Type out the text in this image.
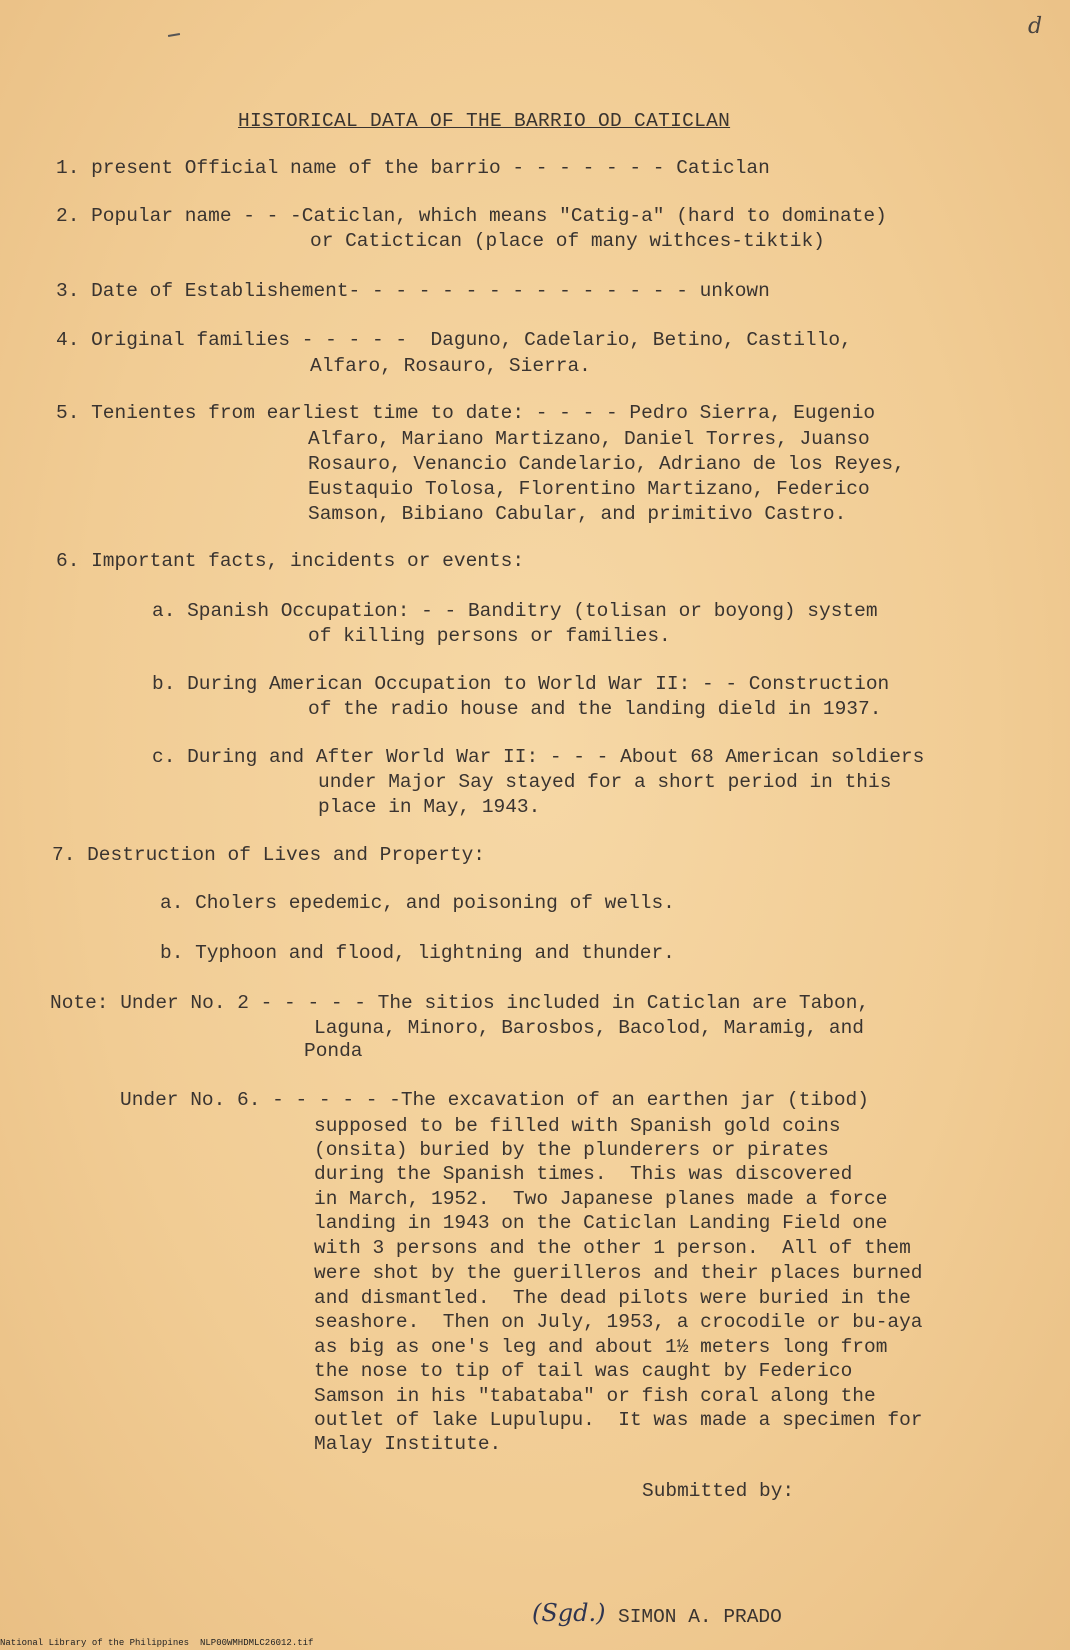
d
HISTORICAL DATA OF THE BARRIO OD CATICLAN
1. present Official name of the barrio - - - - - - - Caticlan
2. Popular name - - -Caticlan, which means "Catig-a" (hard to dominate)
or Catictican (place of many withces-tiktik)
3. Date of Establishement- - - - - - - - - - - - - - - unkown
4. Original families - - - - -  Daguno, Cadelario, Betino, Castillo,
Alfaro, Rosauro, Sierra.
5. Tenientes from earliest time to date: - - - - Pedro Sierra, Eugenio
Alfaro, Mariano Martizano, Daniel Torres, Juanso
Rosauro, Venancio Candelario, Adriano de los Reyes,
Eustaquio Tolosa, Florentino Martizano, Federico
Samson, Bibiano Cabular, and primitivo Castro.
6. Important facts, incidents or events:
a. Spanish Occupation: - - Banditry (tolisan or boyong) system
of killing persons or families.
b. During American Occupation to World War II: - - Construction
of the radio house and the landing dield in 1937.
c. During and After World War II: - - - About 68 American soldiers
under Major Say stayed for a short period in this
place in May, 1943.
7. Destruction of Lives and Property:
a. Cholers epedemic, and poisoning of wells.
b. Typhoon and flood, lightning and thunder.
Note: Under No. 2 - - - - - The sitios included in Caticlan are Tabon,
Laguna, Minoro, Barosbos, Bacolod, Maramig, and
Ponda
Under No. 6. - - - - - -The excavation of an earthen jar (tibod)
supposed to be filled with Spanish gold coins
(onsita) buried by the plunderers or pirates
during the Spanish times.  This was discovered
in March, 1952.  Two Japanese planes made a force
landing in 1943 on the Caticlan Landing Field one
with 3 persons and the other 1 person.  All of them
were shot by the guerilleros and their places burned
and dismantled.  The dead pilots were buried in the
seashore.  Then on July, 1953, a crocodile or bu-aya
as big as one's leg and about 1½ meters long from
the nose to tip of tail was caught by Federico
Samson in his "tabataba" or fish coral along the
outlet of lake Lupulupu.  It was made a specimen for
Malay Institute.
Submitted by:
(Sgd.) SIMON A. PRADO
National Library of the Philippines NLP00WMHDMLC26012.tif
